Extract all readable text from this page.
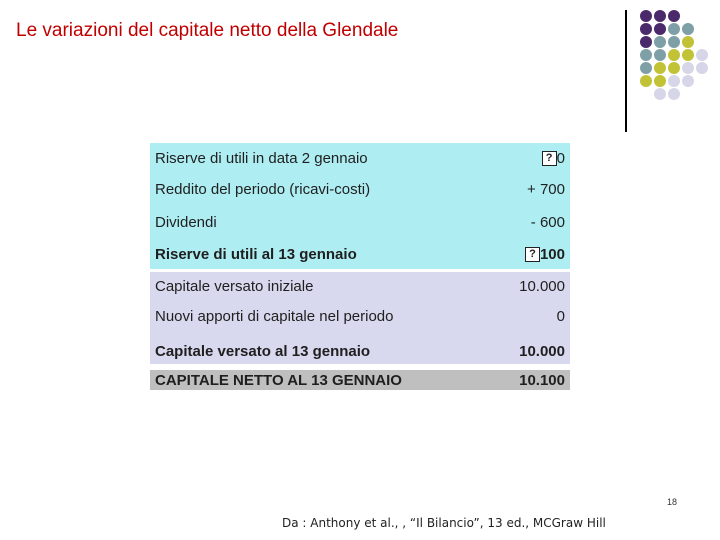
Le variazioni del capitale netto della Glendale
Riserve di utili in data 2 gennaio	? 0
Reddito del periodo (ricavi-costi)	+ 700
Dividendi	- 600
Riserve di utili al 13 gennaio	? 100
Capitale versato iniziale	10.000
Nuovi apporti di capitale nel periodo	0
Capitale versato al 13 gennaio	10.000
CAPITALE NETTO AL 13 GENNAIO	10.100
18
Da : Anthony et al., , “Il Bilancio”, 13 ed., MCGraw Hill
